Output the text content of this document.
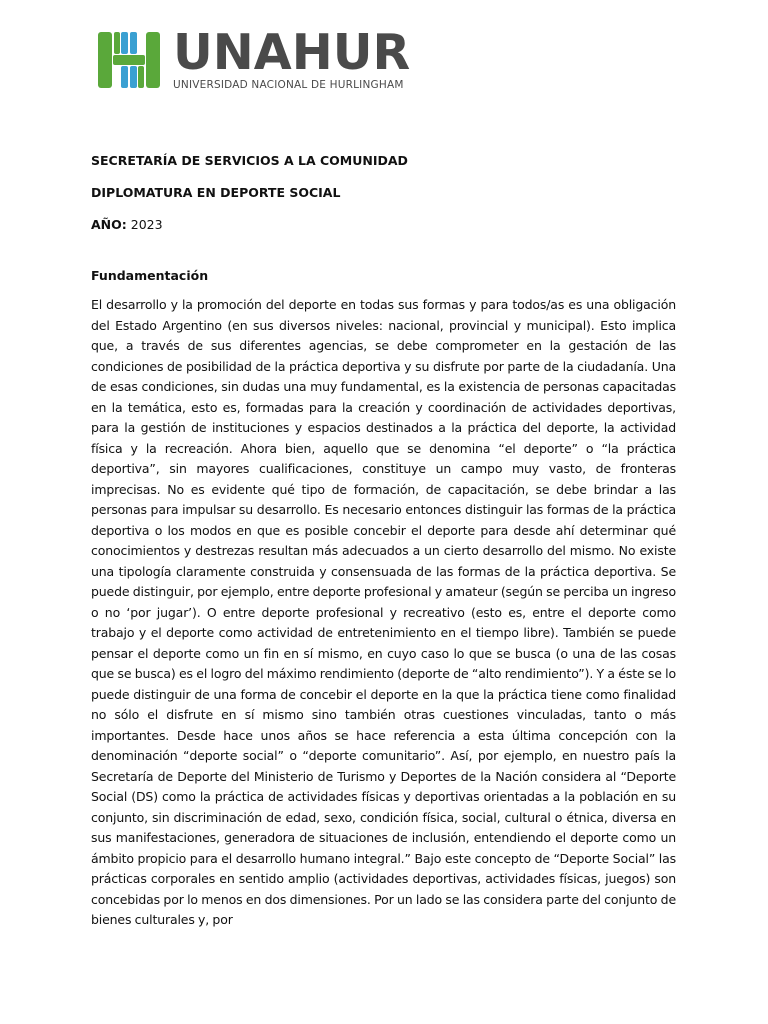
UNAHUR
UNIVERSIDAD NACIONAL DE HURLINGHAM
SECRETARÍA DE SERVICIOS A LA COMUNIDAD
DIPLOMATURA EN DEPORTE SOCIAL
AÑO: 2023
Fundamentación

El desarrollo y la promoción del deporte en todas sus formas y para todos/as es una obligación del Estado Argentino (en sus diversos niveles: nacional, provincial y municipal). Esto implica que, a través de sus diferentes agencias, se debe comprometer en la gestación de las condiciones de posibilidad de la práctica deportiva y su disfrute por parte de la ciudadanía. Una de esas condiciones, sin dudas una muy fundamental, es la existencia de personas capacitadas en la temática, esto es, formadas para la creación y coordinación de actividades deportivas, para la gestión de instituciones y espacios destinados a la práctica del deporte, la actividad física y la recreación. Ahora bien, aquello que se denomina “el deporte” o “la práctica deportiva”, sin mayores cualificaciones, constituye un campo muy vasto, de fronteras imprecisas. No es evidente qué tipo de formación, de capacitación, se debe brindar a las personas para impulsar su desarrollo. Es necesario entonces distinguir las formas de la práctica deportiva o los modos en que es posible concebir el deporte para desde ahí determinar qué conocimientos y destrezas resultan más adecuados a un cierto desarrollo del mismo. No existe una tipología claramente construida y consensuada de las formas de la práctica deportiva. Se puede distinguir, por ejemplo, entre deporte profesional y amateur (según se perciba un ingreso o no ‘por jugar’). O entre deporte profesional y recreativo (esto es, entre el deporte como trabajo y el deporte como actividad de entretenimiento en el tiempo libre). También se puede pensar el deporte como un fin en sí mismo, en cuyo caso lo que se busca (o una de las cosas que se busca) es el logro del máximo rendimiento (deporte de “alto rendimiento”). Y a éste se lo puede distinguir de una forma de concebir el deporte en la que la práctica tiene como finalidad no sólo el disfrute en sí mismo sino también otras cuestiones vinculadas, tanto o más importantes. Desde hace unos años se hace referencia a esta última concepción con la denominación “deporte social” o “deporte comunitario”. Así, por ejemplo, en nuestro país la Secretaría de Deporte del Ministerio de Turismo y Deportes de la Nación considera al “Deporte Social (DS) como la práctica de actividades físicas y deportivas orientadas a la población en su conjunto, sin discriminación de edad, sexo, condición física, social, cultural o étnica, diversa en sus manifestaciones, generadora de situaciones de inclusión, entendiendo el deporte como un ámbito propicio para el desarrollo humano integral.” Bajo este concepto de “Deporte Social” las prácticas corporales en sentido amplio (actividades deportivas, actividades físicas, juegos) son concebidas por lo menos en dos dimensiones. Por un lado se las considera parte del conjunto de bienes culturales y, por
